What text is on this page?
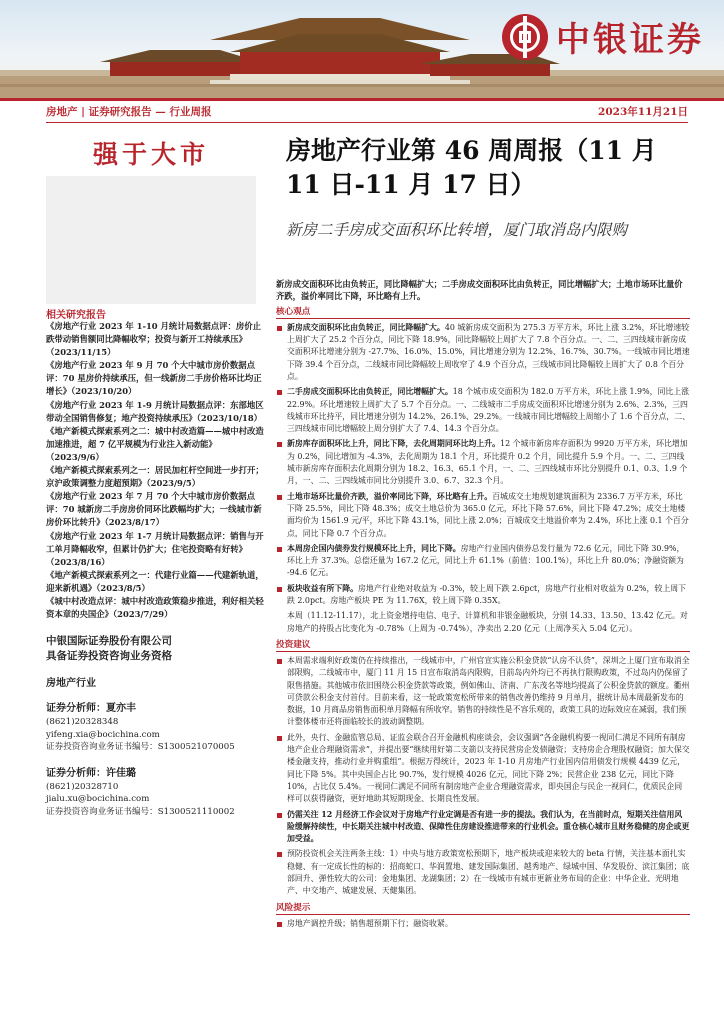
中银证券
房地产 | 证券研究报告 — 行业周报	2023年11月21日
强于大市
相关研究报告
《房地产行业 2023 年 1-10 月统计局数据点评：房价止跌带动销售额同比降幅收窄；投资与新开工持续承压》（2023/11/15）
《房地产行业 2023 年 9 月 70 个大中城市房价数据点评：70 星房价持续承压，但一线新房二手房价格环比均正增长》（2023/10/20）
《房地产行业 2023 年 1-9 月统计局数据点评：东部地区带动全国销售修复；地产投资持续承压》（2023/10/18）
《地产新模式探索系列之二：城中村改造篇——城中村改造加速推进，超 7 亿平规模为行业注入新动能》（2023/9/6）
《地产新模式探索系列之一：居民加杠杆空间进一步打开；京沪政策调整力度超预期》（2023/9/5）
《房地产行业 2023 年 7 月 70 个大中城市房价数据点评：70 城新房二手房房价同环比跌幅均扩大；一线城市新房价环比转升》（2023/8/17）
《房地产行业 2023 年 1-7 月统计局数据点评：销售与开工单月降幅收窄，但累计仍扩大；住宅投资略有好转》（2023/8/16）
《地产新模式探索系列之一：代建行业篇——代建新轨道，迎来新机遇》（2023/8/5）
《城中村改造点评：城中村改造政策稳步推进，利好相关轻资本章的央国企》（2023/7/29）
中银国际证券股份有限公司
具备证券投资咨询业务资格
房地产行业
证券分析师：夏亦丰
(8621)20328348
yifeng.xia@bocichina.com
证券投资咨询业务证书编号：S1300521070005
证券分析师：许佳璐
(8621)20328710
jialu.xu@bocichina.com
证券投资咨询业务证书编号：S1300521110002
房地产行业第 46 周周报（11 月 11 日-11 月 17 日）
新房二手房成交面积环比转增，厦门取消岛内限购
新房成交面积环比由负转正，同比降幅扩大；二手房成交面积环比由负转正，同比增幅扩大；土地市场环比量价齐跌，溢价率同比下降，环比略有上升。
核心观点
新房成交面积环比由负转正，同比降幅扩大。40 城新房成交面积为 275.3 万平方米，环比上涨 3.2%，环比增速较上周扩大了 25.2 个百分点，同比下降 18.9%，同比降幅较上周扩大了 7.8 个百分点。一、二、三四线城市新房成交面积环比增速分别为 -27.7%、16.0%、15.0%，同比增速分别为 12.2%、16.7%、30.7%。一线城市同比增速下降 39.4 个百分点，二线城市同比降幅较上周收窄了 4.9 个百分点，三线城市同比降幅较上周扩大了 0.8 个百分点。
二手房成交面积环比由负转正，同比增幅扩大。18 个城市成交面积为 182.0 万平方米，环比上涨 1.9%，同比上涨 22.9%。环比增速较上周扩大了 5.7 个百分点。一、二线城市二手房成交面积环比增速分别为 2.6%、2.3%，三四线城市环比持平，同比增速分别为 14.2%、26.1%、29.2%。一线城市同比增幅较上周缩小了 1.6 个百分点，二、三四线城市同比增幅较上周分别扩大了 7.4、14.3 个百分点。
新房库存面积环比上升，同比下降，去化周期同环比均上升。12 个城市新房库存面积为 9920 万平方米，环比增加为 0.2%，同比增加为 -4.3%，去化周期为 18.1 个月，环比提升 0.2 个月，同比提升 5.9 个月。一、二、三四线城市新房库存面积去化周期分别为 18.2、16.3、65.1 个月，一、二、三四线城市环比分别提升 0.1、0.3、1.9 个月，一、二、三四线城市同比分别提升 3.0、6.7、32.3 个月。
土地市场环比量价齐跌，溢价率同比下降，环比略有上升。百城成交土地规划建筑面积为 2336.7 万平方米，环比下降 25.5%，同比下降 48.3%；成交土地总价为 365.0 亿元，环比下降 57.6%，同比下降 47.2%；成交土地楼面均价为 1561.9 元/平，环比下降 43.1%，同比上涨 2.0%；百城成交土地溢价率为 2.4%，环比上涨 0.1 个百分点，同比下降 0.7 个百分点。
本周房企国内债券发行规模环比上升，同比下降。房地产行业国内债券总发行量为 72.6 亿元，同比下降 30.9%，环比上升 37.3%。总偿还量为 167.2 亿元，同比上升 61.1%（前值：100.1%），环比上升 80.0%；净融资额为 -94.6 亿元。
板块收益有所下降。房地产行业绝对收益为 -0.3%，较上周下跌 2.6pct，房地产行业相对收益为 0.2%，较上周下跌 2.0pct。房地产板块 PE 为 11.76X，较上周下降 0.35X。
本周（11.12-11.17），北上资金增持电信、电子、计算机和非银金融板块，分别 14.33、13.50、13.42 亿元。对房地产的持股占比变化为 -0.78%（上周为 -0.74%），净卖出 2.20 亿元（上周净买入 5.04 亿元）。
投资建议
本周需求端利好政策仍在持续推出，一线城市中，广州官宣实施公积金贷款“认房不认贷”，深圳之上厦门宣布取消全部限购，二线城市中，厦门 11 月 15 日宣布取消岛内限购，目前岛内外均已不再执行限购政策，不过岛内仍保留了限售措施。其他城市依旧围绕公积金贷款等政策，例如佛山、济南、广东茂名等地均提高了公积金贷款的额度。衢州可贷款公积金支付首付。目前来看，这一轮政策宽松所带来的销售改善仍维持 9 月单月，据统计局本周最新发布的数据，10 月商品房销售面积单月降幅有所收窄。销售的持续性是不容乐观的，政策工具的边际效应在减弱，我们预计整体楼市还将面临较长的波动调整期。
此外，央行、金融监管总局、证监会联合召开金融机构座谈会，会议强调“各金融机构要一视同仁满足不同所有制房地产企业合理融资需求”，并提出要“继续用好第二支箭以支持民营房企发债融资；支持房企合理股权融资；加大保交楼金融支持，推动行业并购重组”。根据万得统计，2023 年 1-10 月房地产行业国内信用债发行规模 4439 亿元，同比下降 5%。其中央国企占比 90.7%，发行规模 4026 亿元，同比下降 2%；民营企业 238 亿元，同比下降 10%，占比仅 5.4%。一视同仁满足不同所有制房地产企业合理融资需求，即央国企与民企一视同仁，优质民企同样可以获得融资，更好地助其短期现金、长期良性发展。
仍需关注 12 月经济工作会议对于房地产行业定调是否有进一步的提法。我们认为，在当前时点，短期关注信用风险缓解持续性，中长期关注城中村改造、保障性住房建设推进带来的行业机会。重仓核心城市且财务稳健的房企或更加受益。
预防投资机会关注两条主线：1）中央与地方政策宽松预期下，地产板块或迎来较大的 beta 行情，关注基本面扎实稳健、有一定成长性的标的：招商蛇口、华润置地、建发国际集团、越秀地产、绿城中国、华发股份、滨江集团；底部回升、弹性较大的公司：金地集团、龙湖集团；2）在一线城市有城市更新业务布局的企业：中华企业、光明地产、中交地产、城建发展、天健集团。
风险提示
房地产调控升级；销售超预期下行；融资收紧。
